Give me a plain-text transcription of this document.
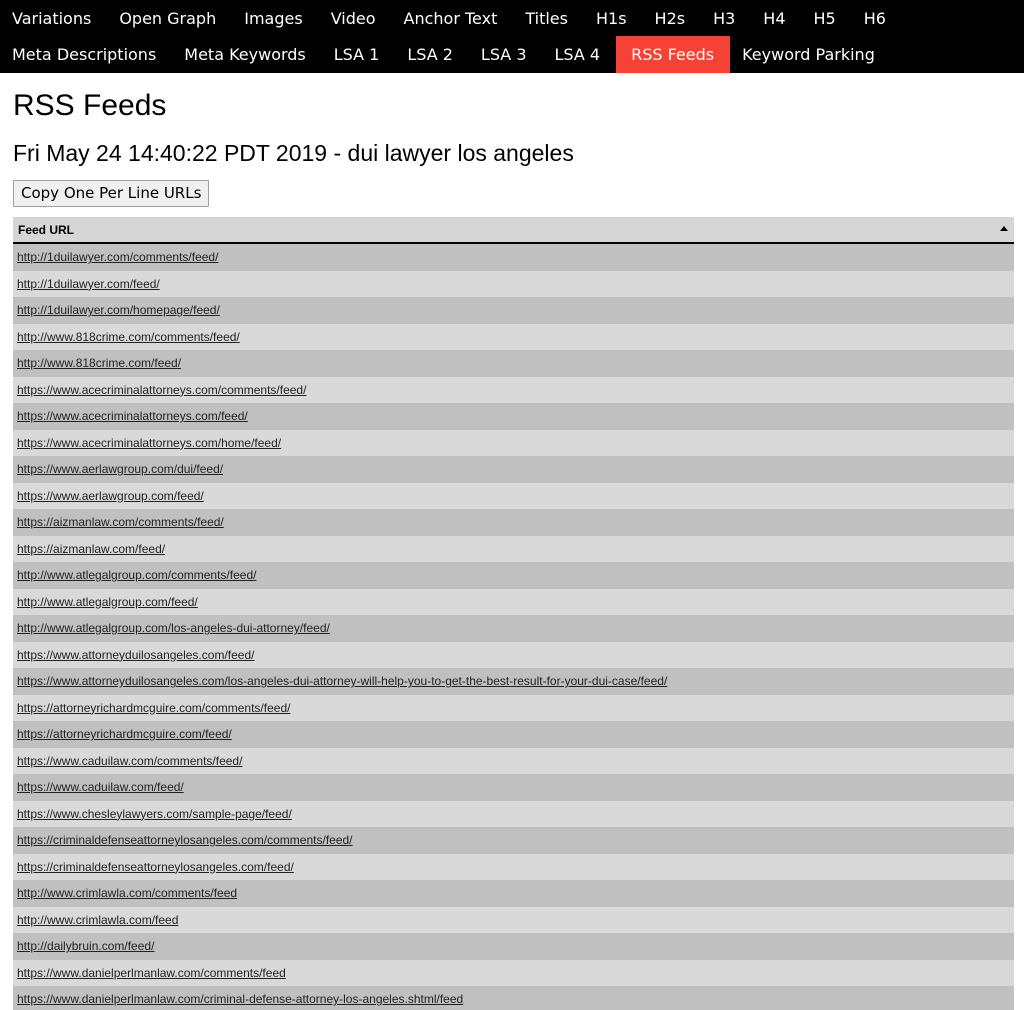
Variations	Open Graph	Images	Video	Anchor Text	Titles	H1s	H2s	H3	H4	H5	H6
Meta Descriptions	Meta Keywords	LSA 1	LSA 2	LSA 3	LSA 4	RSS Feeds	Keyword Parking
RSS Feeds
Fri May 24 14:40:22 PDT 2019 - dui lawyer los angeles
Copy One Per Line URLs
Feed URL

http://1duilawyer.com/comments/feed/
http://1duilawyer.com/feed/
http://1duilawyer.com/homepage/feed/
http://www.818crime.com/comments/feed/
http://www.818crime.com/feed/
https://www.acecriminalattorneys.com/comments/feed/
https://www.acecriminalattorneys.com/feed/
https://www.acecriminalattorneys.com/home/feed/
https://www.aerlawgroup.com/dui/feed/
https://www.aerlawgroup.com/feed/
https://aizmanlaw.com/comments/feed/
https://aizmanlaw.com/feed/
http://www.atlegalgroup.com/comments/feed/
http://www.atlegalgroup.com/feed/
http://www.atlegalgroup.com/los-angeles-dui-attorney/feed/
https://www.attorneyduilosangeles.com/feed/
https://www.attorneyduilosangeles.com/los-angeles-dui-attorney-will-help-you-to-get-the-best-result-for-your-dui-case/feed/
https://attorneyrichardmcguire.com/comments/feed/
https://attorneyrichardmcguire.com/feed/
https://www.caduilaw.com/comments/feed/
https://www.caduilaw.com/feed/
https://www.chesleylawyers.com/sample-page/feed/
https://criminaldefenseattorneylosangeles.com/comments/feed/
https://criminaldefenseattorneylosangeles.com/feed/
http://www.crimlawla.com/comments/feed
http://www.crimlawla.com/feed
http://dailybruin.com/feed/
https://www.danielperlmanlaw.com/comments/feed
https://www.danielperlmanlaw.com/criminal-defense-attorney-los-angeles.shtml/feed
